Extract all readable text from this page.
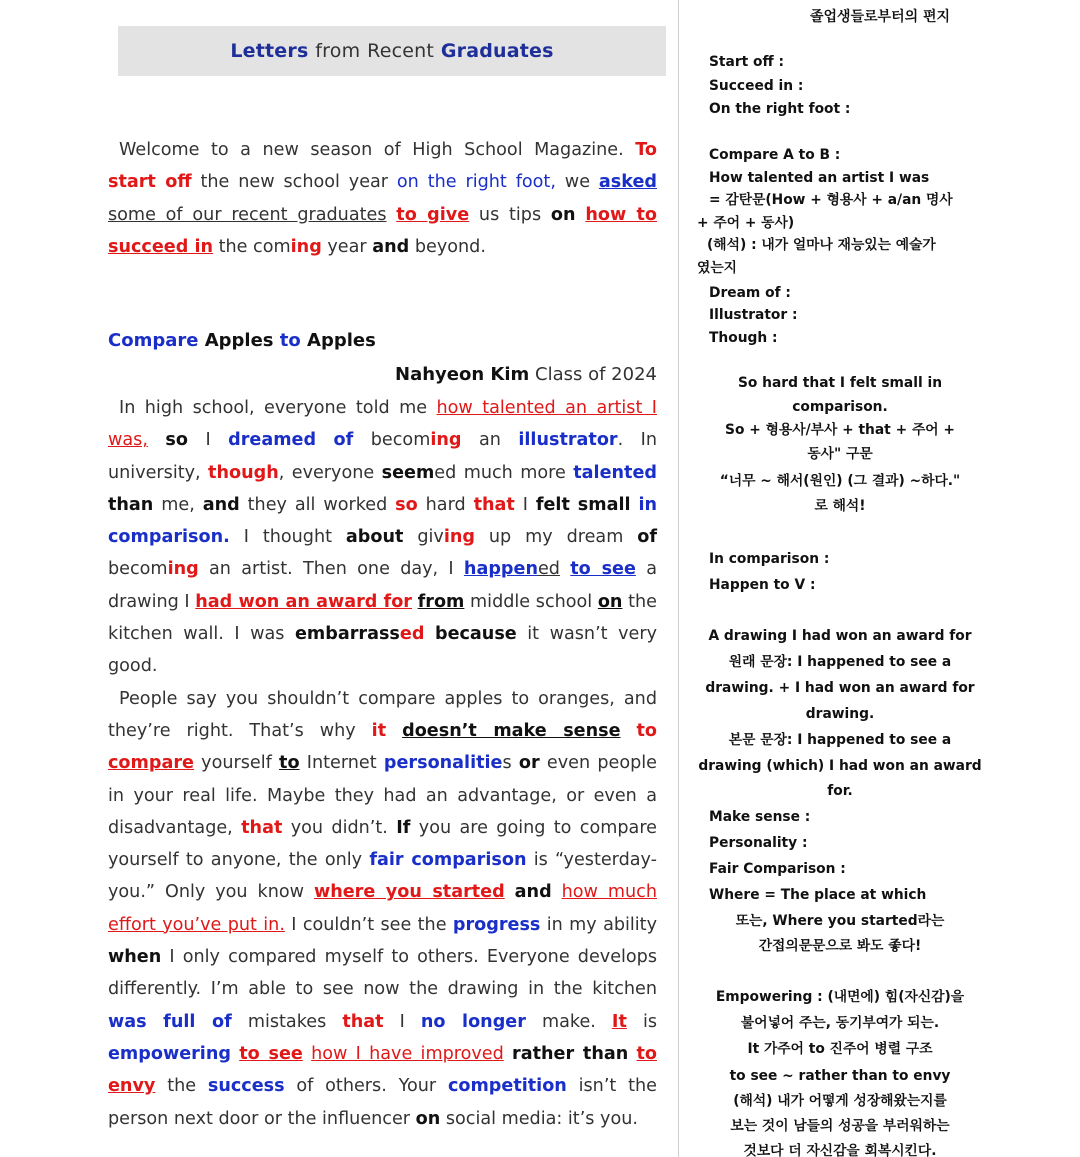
Letters from Recent Graduates
Welcome to a new season of High School Magazine. To start off the new school year on the right foot, we asked some of our recent graduates to give us tips on how to succeed in the coming year and beyond.
Compare Apples to Apples
Nahyeon Kim Class of 2024
In high school, everyone told me how talented an artist I was, so I dreamed of becoming an illustrator. In university, though, everyone seemed much more talented than me, and they all worked so hard that I felt small in comparison. I thought about giving up my dream of becoming an artist. Then one day, I happened to see a drawing I had won an award for from middle school on the kitchen wall. I was embarrassed because it wasn’t very good.
People say you shouldn’t compare apples to oranges, and they’re right. That’s why it doesn’t make sense to compare yourself to Internet personalities or even people in your real life. Maybe they had an advantage, or even a disadvantage, that you didn’t. If you are going to compare yourself to anyone, the only fair comparison is “yesterday-you.” Only you know where you started and how much effort you’ve put in. I couldn’t see the progress in my ability when I only compared myself to others. Everyone develops differently. I’m able to see now the drawing in the kitchen was full of mistakes that I no longer make. It is empowering to see how I have improved rather than to envy the success of others. Your competition isn’t the person next door or the influencer on social media: it’s you.
졸업생들로부터의 편지
Start off :
Succeed in :
On the right foot :
Compare A to B :
How talented an artist I was
= 감탄문(How + 형용사 + a/an 명사
+ 주어 + 동사)
(해석) : 내가 얼마나 재능있는 예술가
였는지
Dream of :
Illustrator :
Though :
So hard that I felt small in
comparison.
So + 형용사/부사 + that + 주어 +
동사" 구문
“너무 ~ 해서(원인) (그 결과) ~하다."
로 해석!
In comparison :
Happen to V :
A drawing I had won an award for
원래 문장: I happened to see a
drawing. + I had won an award for
drawing.
본문 문장: I happened to see a
drawing (which) I had won an award
for.
Make sense :
Personality :
Fair Comparison :
Where = The place at which
또는, Where you started라는
간접의문문으로 봐도 좋다!
Empowering : (내면에) 힘(자신감)을
불어넣어 주는, 동기부여가 되는.
It 가주어 to 진주어 병렬 구조
to see ~ rather than to envy
(해석) 내가 어떻게 성장해왔는지를
보는 것이 남들의 성공을 부러워하는
것보다 더 자신감을 회복시킨다.
